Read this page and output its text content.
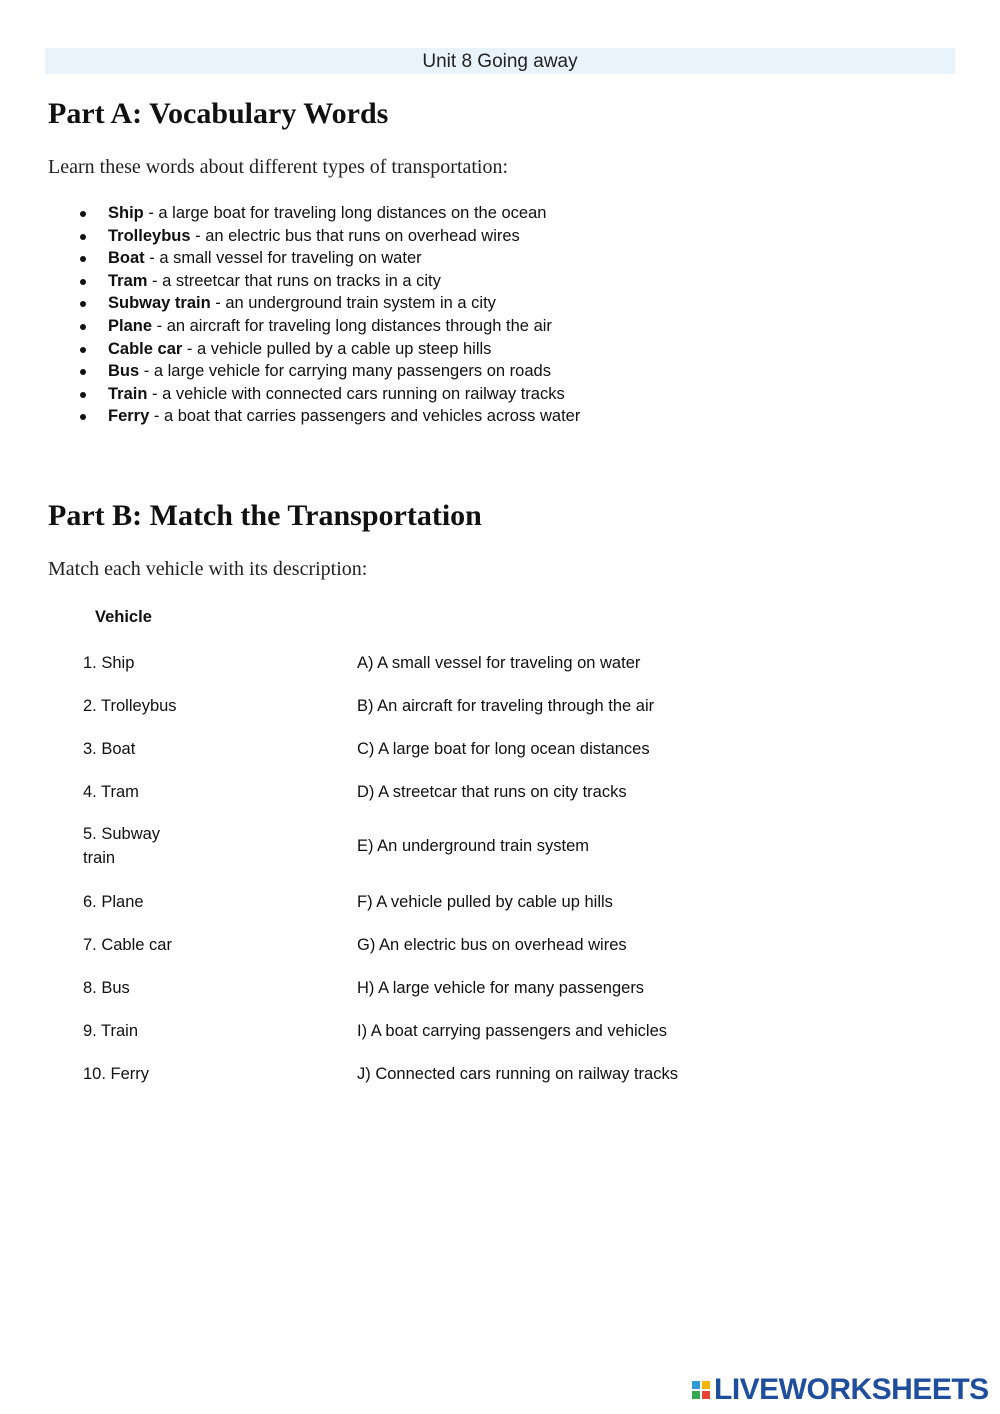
Unit 8 Going away
Part A: Vocabulary Words

Learn these words about different types of transportation:

Ship - a large boat for traveling long distances on the ocean
Trolleybus - an electric bus that runs on overhead wires
Boat - a small vessel for traveling on water
Tram - a streetcar that runs on tracks in a city
Subway train - an underground train system in a city
Plane - an aircraft for traveling long distances through the air
Cable car - a vehicle pulled by a cable up steep hills
Bus - a large vehicle for carrying many passengers on roads
Train - a vehicle with connected cars running on railway tracks
Ferry - a boat that carries passengers and vehicles across water
Part B: Match the Transportation

Match each vehicle with its description:

Vehicle
1. Ship	A) A small vessel for traveling on water
2. Trolleybus	B) An aircraft for traveling through the air
3. Boat	C) A large boat for long ocean distances
4. Tram	D) A streetcar that runs on city tracks
5. Subway train
E) An underground train system
6. Plane	F) A vehicle pulled by cable up hills
7. Cable car	G) An electric bus on overhead wires
8. Bus	H) A large vehicle for many passengers
9. Train	I) A boat carrying passengers and vehicles
10. Ferry	J) Connected cars running on railway tracks
LIVEWORKSHEETS
